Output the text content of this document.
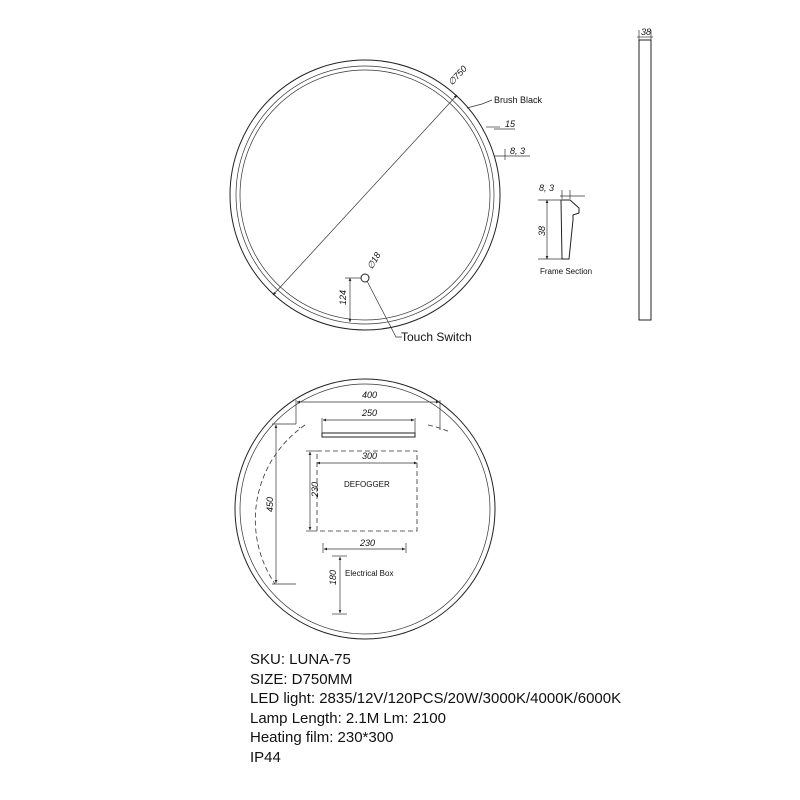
∅750
Brush Black
15
8, 3
∅18
124
Touch Switch
8, 3
38
Frame Section
38
400
250
300
DEFOGGER
230
450
230
Electrical Box
180
SKU: LUNA-75
SIZE: D750MM
LED light: 2835/12V/120PCS/20W/3000K/4000K/6000K
Lamp Length: 2.1M Lm: 2100
Heating film: 230*300
IP44
